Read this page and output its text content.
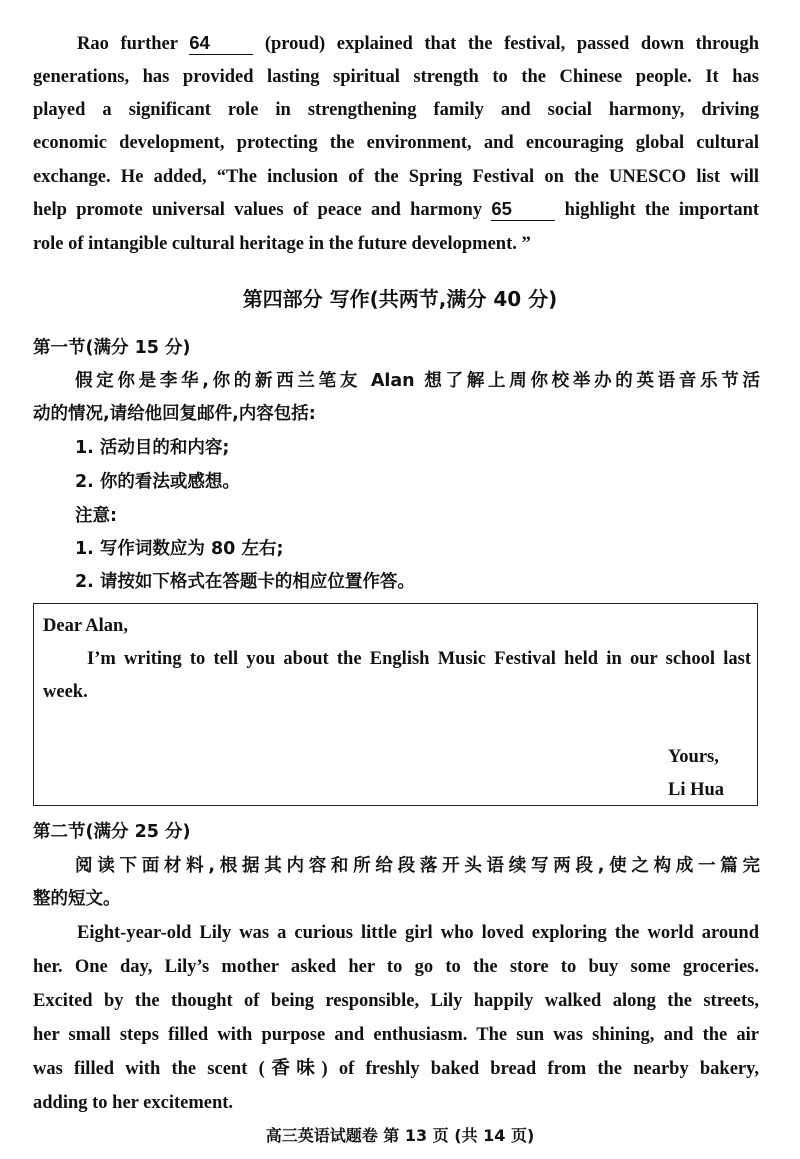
Rao further 64	(proud) explained that the festival, passed down through
generations, has provided lasting spiritual strength to the Chinese people. It has
played a significant role in strengthening family and social harmony, driving
economic development, protecting the environment, and encouraging global cultural
exchange. He added, “The inclusion of the Spring Festival on the UNESCO list will
help promote universal values of peace and harmony 65	highlight the important
role of intangible cultural heritage in the future development. ”
第四部分 写作(共两节,满分 40 分)
第一节(满分 15 分)
假定你是李华,你的新西兰笔友 Alan 想了解上周你校举办的英语音乐节活
动的情况,请给他回复邮件,内容包括:
1. 活动目的和内容;
2. 你的看法或感想。
注意:
1. 写作词数应为 80 左右;
2. 请按如下格式在答题卡的相应位置作答。
Dear Alan,
I’m writing to tell you about the English Music Festival held in our school last
week.
Yours,
Li Hua
第二节(满分 25 分)
阅读下面材料,根据其内容和所给段落开头语续写两段,使之构成一篇完
整的短文。
Eight-year-old Lily was a curious little girl who loved exploring the world around
her. One day, Lily’s mother asked her to go to the store to buy some groceries.
Excited by the thought of being responsible, Lily happily walked along the streets,
her small steps filled with purpose and enthusiasm. The sun was shining, and the air
was filled with the scent (香味) of freshly baked bread from the nearby bakery,
adding to her excitement.
高三英语试题卷 第 13 页 (共 14 页)
